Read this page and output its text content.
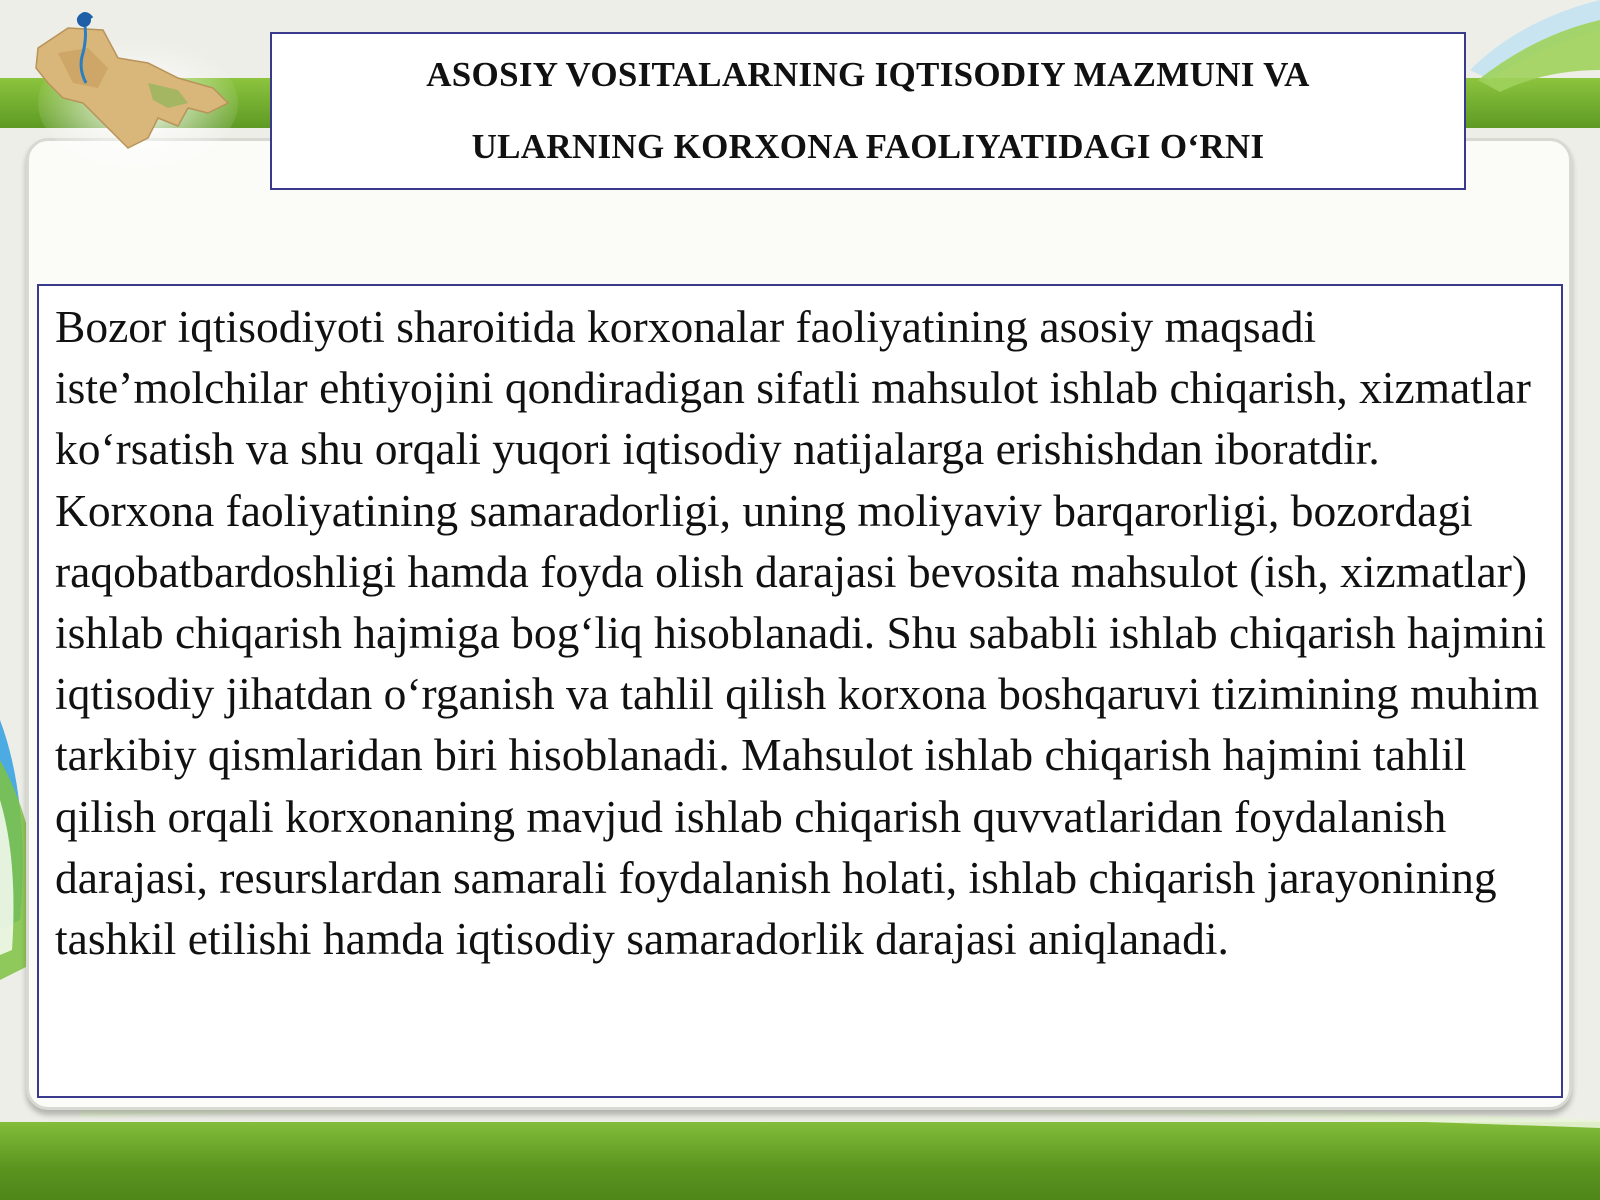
ASOSIY VOSITALARNING IQTISODIY MAZMUNI VA
ULARNING KORXONA FAOLIYATIDAGI O‘RNI

Bozor iqtisodiyoti sharoitida korxonalar faoliyatining asosiy maqsadi iste’molchilar ehtiyojini qondiradigan sifatli mahsulot ishlab chiqarish, xizmatlar ko‘rsatish va shu orqali yuqori iqtisodiy natijalarga erishishdan iboratdir. Korxona faoliyatining samaradorligi, uning moliyaviy barqarorligi, bozordagi raqobatbardoshligi hamda foyda olish darajasi bevosita mahsulot (ish, xizmatlar) ishlab chiqarish hajmiga bog‘liq hisoblanadi. Shu sababli ishlab chiqarish hajmini iqtisodiy jihatdan o‘rganish va tahlil qilish korxona boshqaruvi tizimining muhim tarkibiy qismlaridan biri hisoblanadi. Mahsulot ishlab chiqarish hajmini tahlil qilish orqali korxonaning mavjud ishlab chiqarish quvvatlaridan foydalanish darajasi, resurslardan samarali foydalanish holati, ishlab chiqarish jarayonining tashkil etilishi hamda iqtisodiy samaradorlik darajasi aniqlanadi.
